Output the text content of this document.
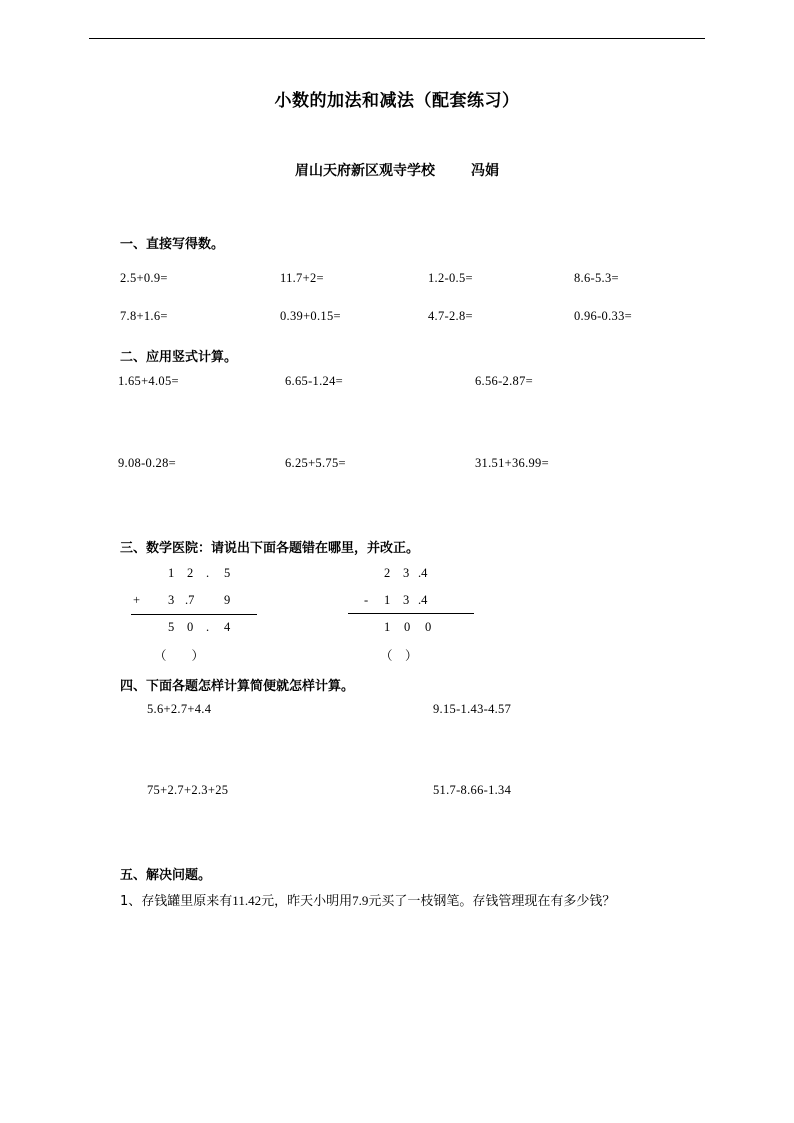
小数的加法和减法（配套练习）
眉山天府新区观寺学校	冯娟
一、直接写得数。
2.5+0.9=	11.7+2=	1.2-0.5=	8.6-5.3=
7.8+1.6=	0.39+0.15=	4.7-2.8=	0.96-0.33=
二、应用竖式计算。
1.65+4.05=	6.65-1.24=	6.56-2.87=
9.08-0.28=	6.25+5.75=	31.51+36.99=
三、数学医院：请说出下面各题错在哪里，并改正。
1 2 . 5
+ 3 .7 9
5 0 . 4
（　　）
2 3 .4
- 1 3 .4
1 0 0
（　）
四、下面各题怎样计算简便就怎样计算。
5.6+2.7+4.4	9.15-1.43-4.57
75+2.7+2.3+25	51.7-8.66-1.34
五、解决问题。
1、存钱罐里原来有11.42元，昨天小明用7.9元买了一枝钢笔。存钱管理现在有多少钱？
